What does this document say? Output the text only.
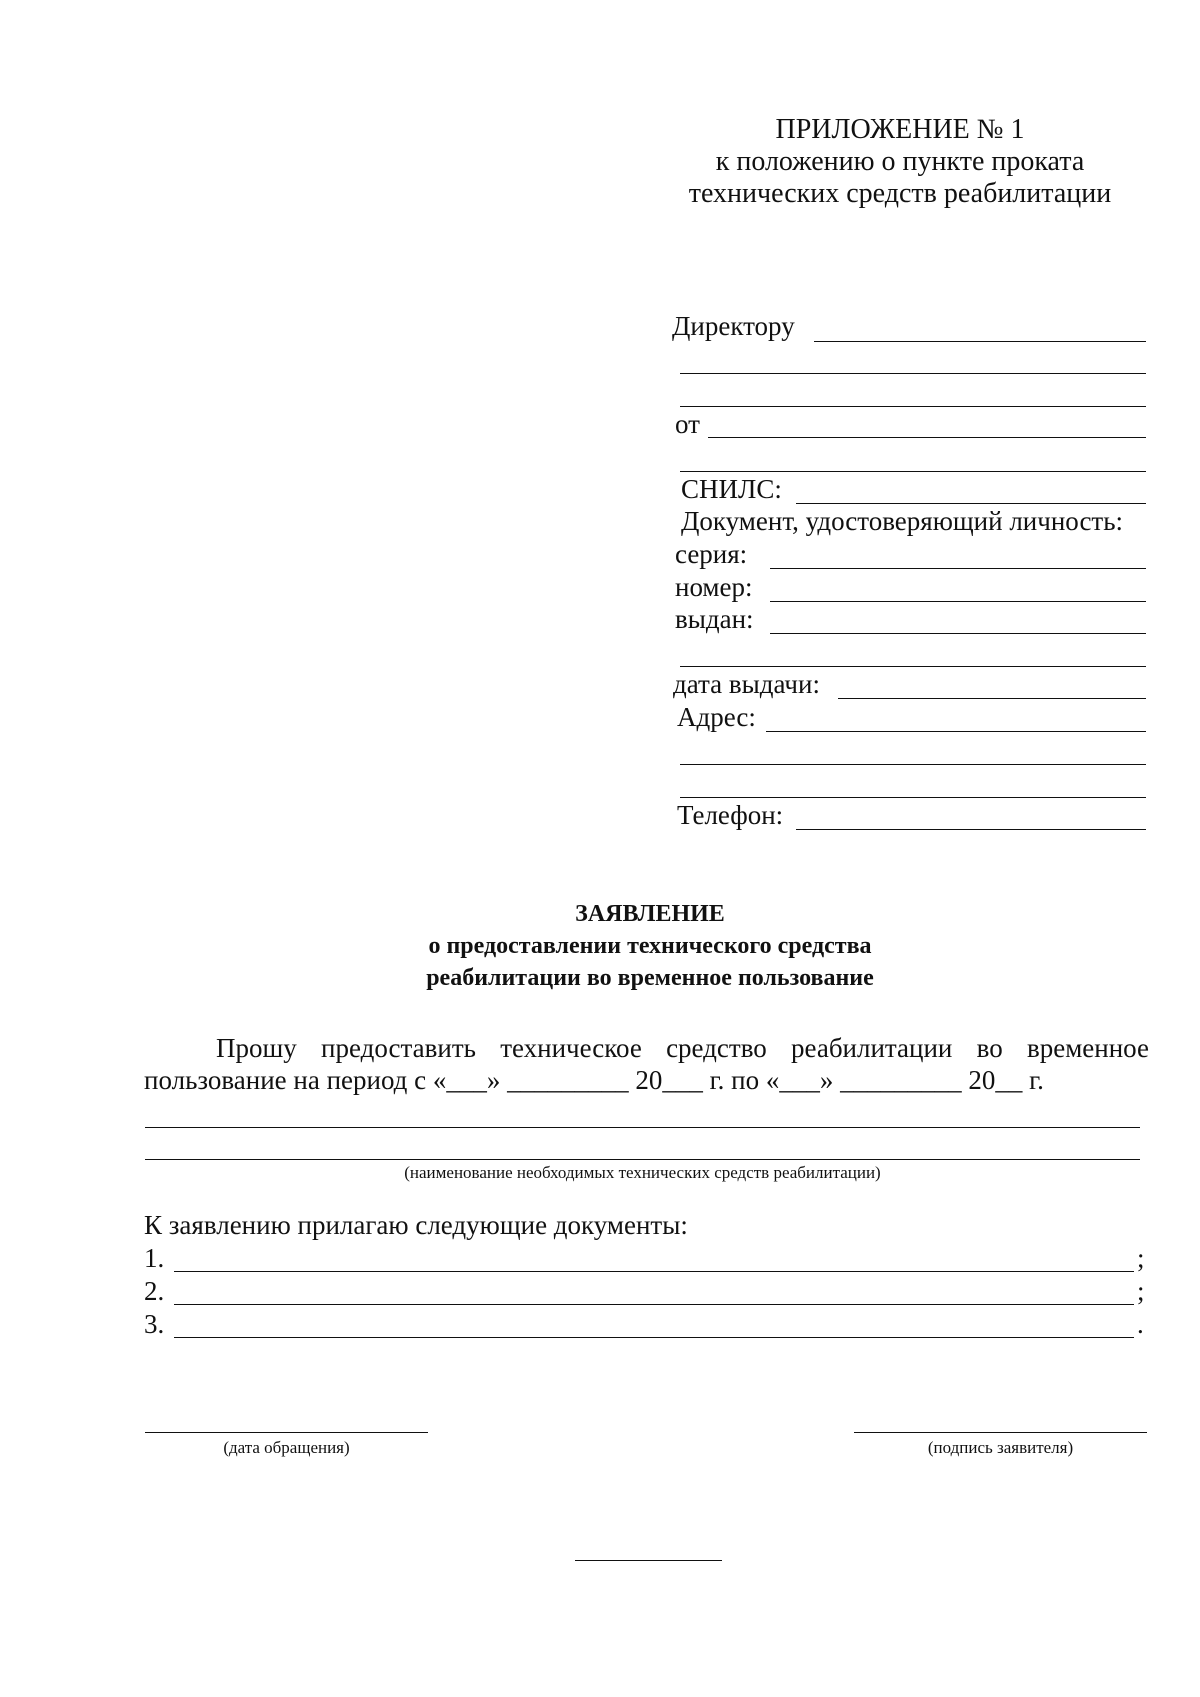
ПРИЛОЖЕНИЕ № 1
к положению о пункте проката
технических средств реабилитации
Директору
от
СНИЛС:
Документ, удостоверяющий личность:
серия:
номер:
выдан:
дата выдачи:
Адрес:
Телефон:
ЗАЯВЛЕНИЕ
о предоставлении технического средства
реабилитации во временное пользование
Прошу предоставить техническое средство реабилитации во временное
пользование на период с «___» _________ 20___ г. по «___» _________ 20__ г.
(наименование необходимых технических средств реабилитации)
К заявлению прилагаю следующие документы:
1.	;
2.	;
3.	.
(дата обращения)	(подпись заявителя)
